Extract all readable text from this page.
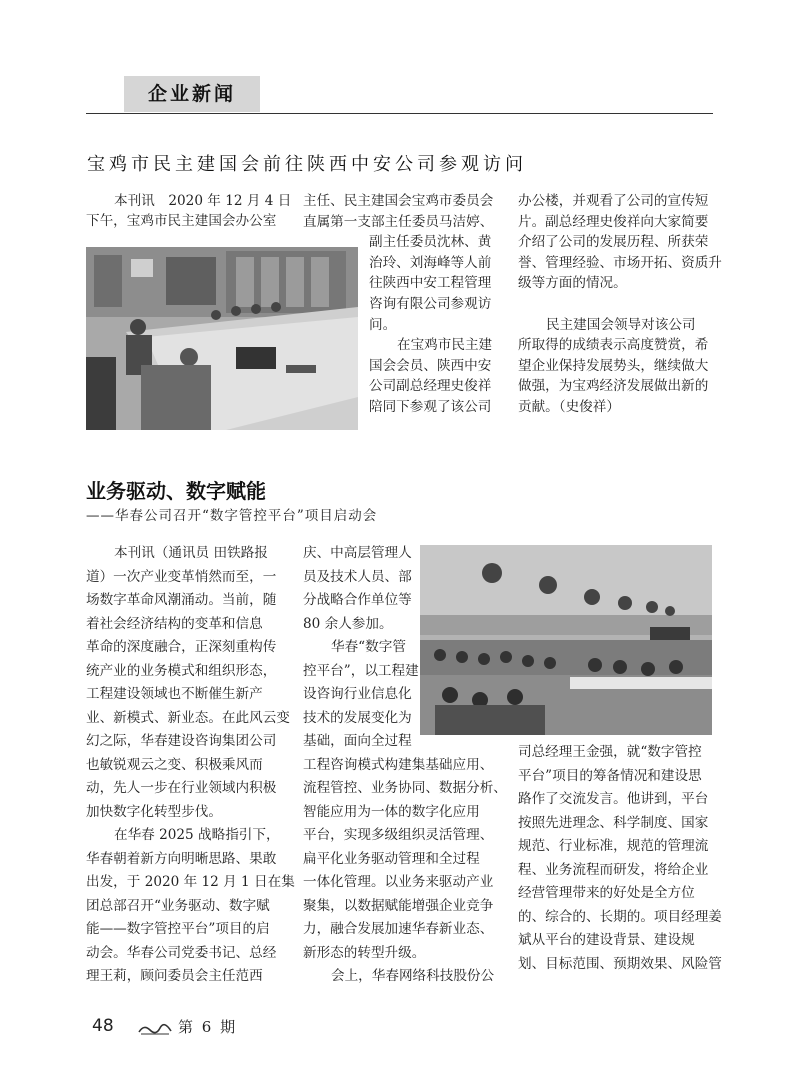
企业新闻
宝鸡市民主建国会前往陕西中安公司参观访问
本刊讯　2020 年 12 月 4 日
下午，宝鸡市民主建国会办公室
主任、民主建国会宝鸡市委员会
直属第一支部主任委员马洁婷、
副主任委员沈林、黄
治玲、刘海峰等人前
往陕西中安工程管理
咨询有限公司参观访
问。
在宝鸡市民主建
国会会员、陕西中安
公司副总经理史俊祥
陪同下参观了该公司
办公楼，并观看了公司的宣传短
片。副总经理史俊祥向大家简要
介绍了公司的发展历程、所获荣
誉、管理经验、市场开拓、资质升
级等方面的情况。
民主建国会领导对该公司
所取得的成绩表示高度赞赏，希
望企业保持发展势头，继续做大
做强，为宝鸡经济发展做出新的
贡献。（史俊祥）
业务驱动、数字赋能
——华春公司召开“数字管控平台”项目启动会
本刊讯（通讯员 田铁路报
道）一次产业变革悄然而至，一
场数字革命风潮涌动。当前，随
着社会经济结构的变革和信息
革命的深度融合，正深刻重构传
统产业的业务模式和组织形态，
工程建设领域也不断催生新产
业、新模式、新业态。在此风云变
幻之际，华春建设咨询集团公司
也敏锐观云之变、积极乘风而
动，先人一步在行业领域内积极
加快数字化转型步伐。
在华春 2025 战略指引下，
华春朝着新方向明晰思路、果敢
出发，于 2020 年 12 月 1 日在集
团总部召开“业务驱动、数字赋
能——数字管控平台”项目的启
动会。华春公司党委书记、总经
理王莉，顾问委员会主任范西
庆、中高层管理人
员及技术人员、部
分战略合作单位等
80 余人参加。
华春“数字管
控平台”，以工程建
设咨询行业信息化
技术的发展变化为
基础，面向全过程
工程咨询模式构建集基础应用、
流程管控、业务协同、数据分析、
智能应用为一体的数字化应用
平台，实现多级组织灵活管理、
扁平化业务驱动管理和全过程
一体化管理。以业务来驱动产业
聚集，以数据赋能增强企业竞争
力，融合发展加速华春新业态、
新形态的转型升级。
会上，华春网络科技股份公
司总经理王金强，就“数字管控
平台”项目的筹备情况和建设思
路作了交流发言。他讲到，平台
按照先进理念、科学制度、国家
规范、行业标准，规范的管理流
程、业务流程而研发，将给企业
经营管理带来的好处是全方位
的、综合的、长期的。项目经理姜
斌从平台的建设背景、建设规
划、目标范围、预期效果、风险管
48	第 6 期
